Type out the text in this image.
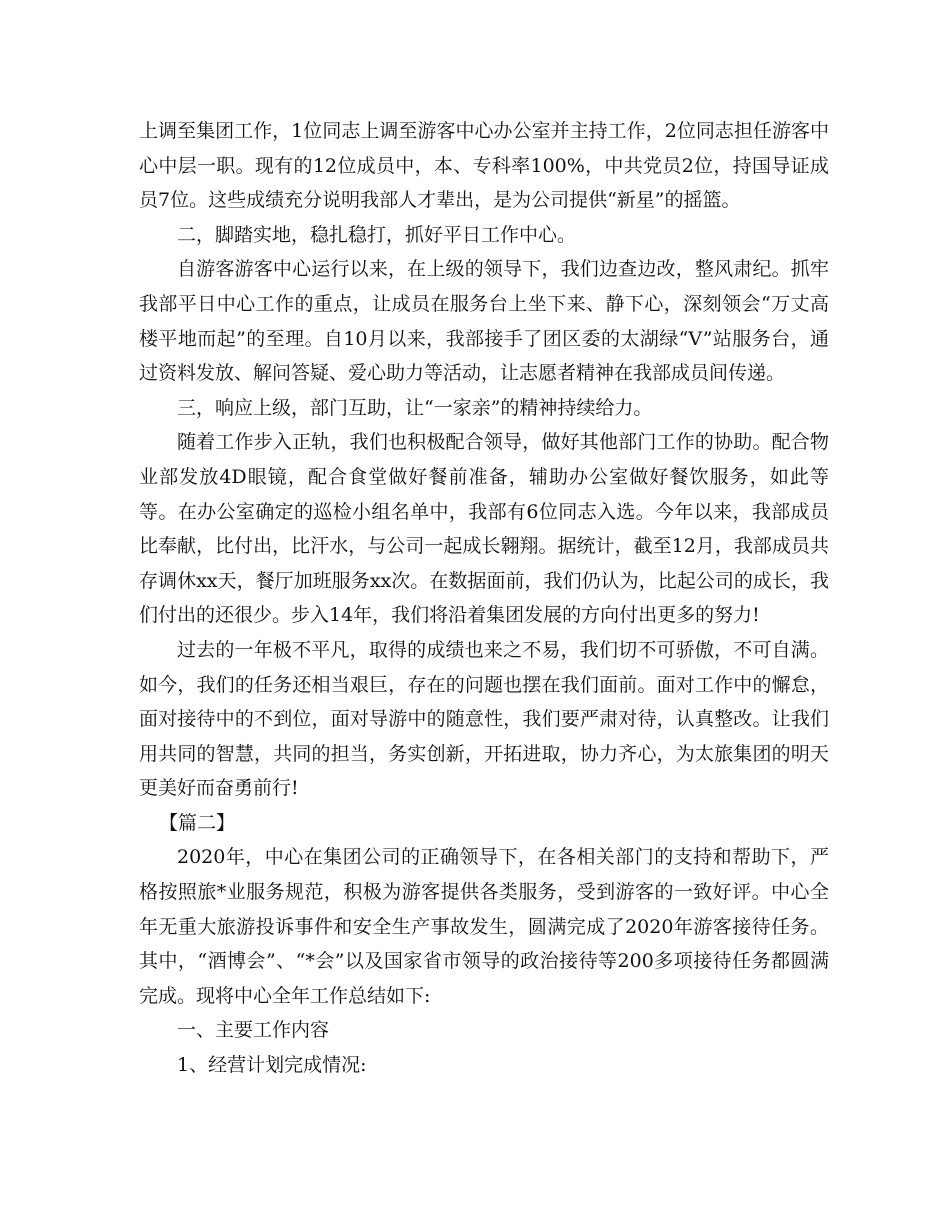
上调至集团工作，1位同志上调至游客中心办公室并主持工作，2位同志担任游客中心中层一职。现有的12位成员中，本、专科率100%，中共党员2位，持国导证成员7位。这些成绩充分说明我部人才辈出，是为公司提供“新星”的摇篮。

二，脚踏实地，稳扎稳打，抓好平日工作中心。

自游客游客中心运行以来，在上级的领导下，我们边查边改，整风肃纪。抓牢我部平日中心工作的重点，让成员在服务台上坐下来、静下心，深刻领会“万丈高楼平地而起”的至理。自10月以来，我部接手了团区委的太湖绿“V”站服务台，通过资料发放、解问答疑、爱心助力等活动，让志愿者精神在我部成员间传递。

三，响应上级，部门互助，让“一家亲”的精神持续给力。

随着工作步入正轨，我们也积极配合领导，做好其他部门工作的协助。配合物业部发放4D眼镜，配合食堂做好餐前准备，辅助办公室做好餐饮服务，如此等等。在办公室确定的巡检小组名单中，我部有6位同志入选。今年以来，我部成员比奉献，比付出，比汗水，与公司一起成长翱翔。据统计，截至12月，我部成员共存调休xx天，餐厅加班服务xx次。在数据面前，我们仍认为，比起公司的成长，我们付出的还很少。步入14年，我们将沿着集团发展的方向付出更多的努力!

过去的一年极不平凡，取得的成绩也来之不易，我们切不可骄傲，不可自满。如今，我们的任务还相当艰巨，存在的问题也摆在我们面前。面对工作中的懈怠，面对接待中的不到位，面对导游中的随意性，我们要严肃对待，认真整改。让我们用共同的智慧，共同的担当，务实创新，开拓进取，协力齐心，为太旅集团的明天更美好而奋勇前行!

【篇二】

2020年，中心在集团公司的正确领导下，在各相关部门的支持和帮助下，严格按照旅*业服务规范，积极为游客提供各类服务，受到游客的一致好评。中心全年无重大旅游投诉事件和安全生产事故发生，圆满完成了2020年游客接待任务。其中，“酒博会”、“*会”以及国家省市领导的政治接待等200多项接待任务都圆满完成。现将中心全年工作总结如下:

一、主要工作内容

1、经营计划完成情况:
